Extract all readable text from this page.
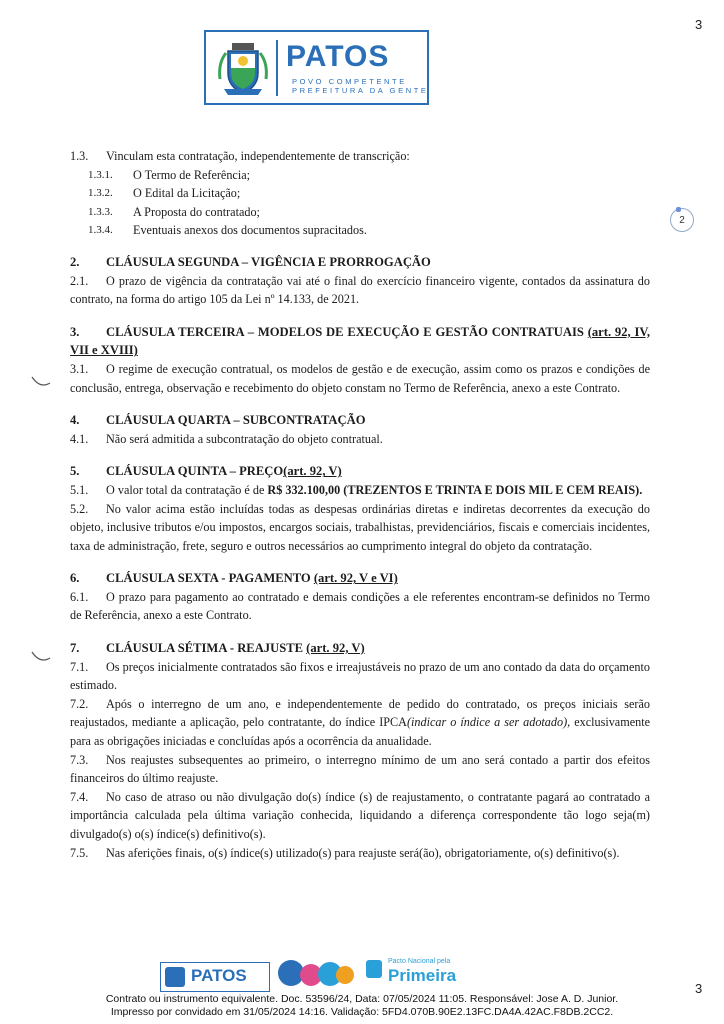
3
3
PATOS
POVO COMPETENTE
PREFEITURA DA GENTE
2

1.3. Vinculam esta contratação, independentemente de transcrição:

1.3.1.	O Termo de Referência;
1.3.2.	O Edital da Licitação;
1.3.3.	A Proposta do contratado;
1.3.4.	Eventuais anexos dos documentos supracitados.

2. CLÁUSULA SEGUNDA – VIGÊNCIA E PRORROGAÇÃO

2.1. O prazo de vigência da contratação vai até o final do exercício financeiro vigente, contados da assinatura do contrato, na forma do artigo 105 da Lei nº 14.133, de 2021.

3. CLÁUSULA TERCEIRA – MODELOS DE EXECUÇÃO E GESTÃO CONTRATUAIS (art. 92, IV, VII e XVIII)

3.1. O regime de execução contratual, os modelos de gestão e de execução, assim como os prazos e condições de conclusão, entrega, observação e recebimento do objeto constam no Termo de Referência, anexo a este Contrato.

4. CLÁUSULA QUARTA – SUBCONTRATAÇÃO

4.1. Não será admitida a subcontratação do objeto contratual.

5. CLÁUSULA QUINTA – PREÇO(art. 92, V)

5.1. O valor total da contratação é de R$ 332.100,00 (TREZENTOS E TRINTA E DOIS MIL E CEM REAIS).

5.2. No valor acima estão incluídas todas as despesas ordinárias diretas e indiretas decorrentes da execução do objeto, inclusive tributos e/ou impostos, encargos sociais, trabalhistas, previdenciários, fiscais e comerciais incidentes, taxa de administração, frete, seguro e outros necessários ao cumprimento integral do objeto da contratação.

6. CLÁUSULA SEXTA - PAGAMENTO (art. 92, V e VI)

6.1. O prazo para pagamento ao contratado e demais condições a ele referentes encontram-se definidos no Termo de Referência, anexo a este Contrato.

7. CLÁUSULA SÉTIMA - REAJUSTE (art. 92, V)

7.1. Os preços inicialmente contratados são fixos e irreajustáveis no prazo de um ano contado da data do orçamento estimado.

7.2. Após o interregno de um ano, e independentemente de pedido do contratado, os preços iniciais serão reajustados, mediante a aplicação, pelo contratante, do índice IPCA(indicar o índice a ser adotado), exclusivamente para as obrigações iniciadas e concluídas após a ocorrência da anualidade.

7.3. Nos reajustes subsequentes ao primeiro, o interregno mínimo de um ano será contado a partir dos efeitos financeiros do último reajuste.

7.4. No caso de atraso ou não divulgação do(s) índice (s) de reajustamento, o contratante pagará ao contratado a importância calculada pela última variação conhecida, liquidando a diferença correspondente tão logo seja(m) divulgado(s) o(s) índice(s) definitivo(s).

7.5. Nas aferições finais, o(s) índice(s) utilizado(s) para reajuste será(ão), obrigatoriamente, o(s) definitivo(s).

PATOS
Pacto Nacional pela
Primeira
Contrato ou instrumento equivalente. Doc. 53596/24, Data: 07/05/2024 11:05. Responsável: Jose A. D. Junior.
Impresso por convidado em 31/05/2024 14:16. Validação: 5FD4.070B.90E2.13FC.DA4A.42AC.F8DB.2CC2.
